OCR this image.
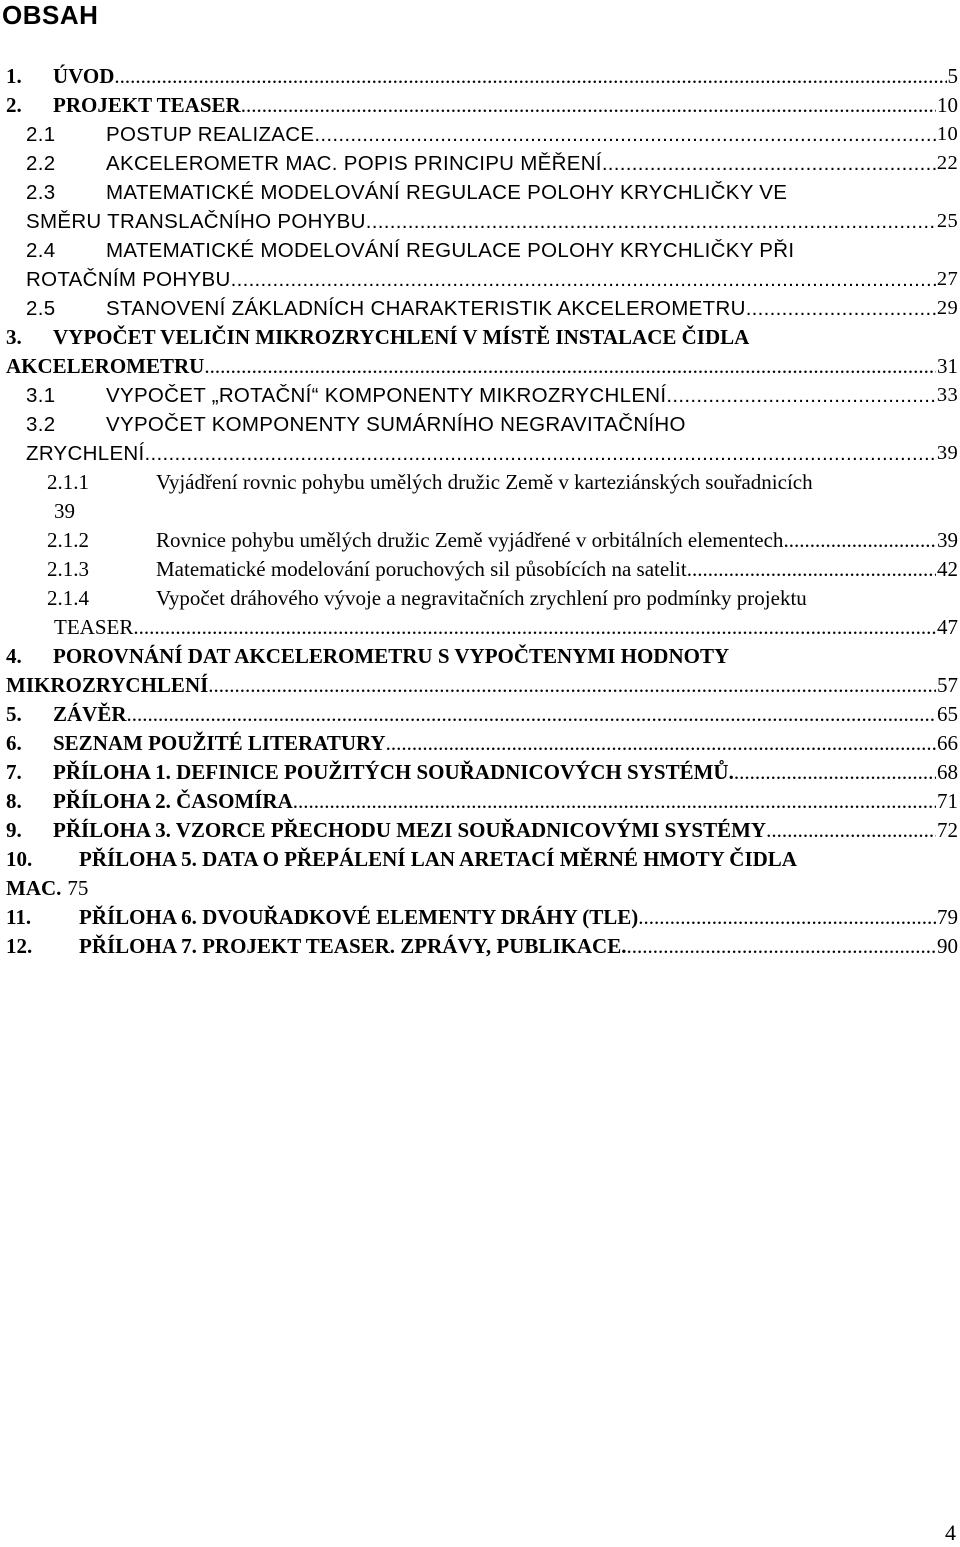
OBSAH
1. ÚVOD .....	5
2. PROJEKT TEASER .....	10
2.1 POSTUP REALIZACE .....	10
2.2 AKCELEROMETR MAC. POPIS PRINCIPU MĚŘENÍ .....	22
2.3 MATEMATICKÉ MODELOVÁNÍ REGULACE POLOHY KRYCHLIČKY VE
SMĚRU TRANSLAČNÍHO POHYBU .....	25
2.4 MATEMATICKÉ MODELOVÁNÍ REGULACE POLOHY KRYCHLIČKY PŘI
ROTAČNÍM POHYBU .....	27
2.5 STANOVENÍ ZÁKLADNÍCH CHARAKTERISTIK AKCELEROMETRU .....	29
3. VYPOČET VELIČIN MIKROZRYCHLENÍ V MÍSTĚ INSTALACE ČIDLA
AKCELEROMETRU .....	31
3.1 VYPOČET „ROTAČNÍ“ KOMPONENTY MIKROZRYCHLENÍ. .....	33
3.2 VYPOČET KOMPONENTY SUMÁRNÍHO NEGRAVITAČNÍHO
ZRYCHLENÍ. .....	39
2.1.1	Vyjádření rovnic pohybu umělých družic Země v karteziánských souřadnicích
39
2.1.2	Rovnice pohybu umělých družic Země vyjádřené v orbitálních elementech .....	39
2.1.3	Matematické modelování poruchových sil působících na satelit .....	42
2.1.4	Vypočet dráhového vývoje a negravitačních zrychlení pro podmínky projektu
TEASER. .....	47
4. POROVNÁNÍ DAT AKCELEROMETRU S VYPOČTENYMI HODNOTY
MIKROZRYCHLENÍ .....	57
5. ZÁVĚR .....	65
6. SEZNAM POUŽITÉ LITERATURY .....	66
7. PŘÍLOHA 1. DEFINICE POUŽITÝCH SOUŘADNICOVÝCH SYSTÉMŮ. .....	68
8. PŘÍLOHA 2. ČASOMÍRA .....	71
9. PŘÍLOHA 3. VZORCE PŘECHODU MEZI SOUŘADNICOVÝMI SYSTÉMY .....	72
10. PŘÍLOHA 5. DATA O PŘEPÁLENÍ LAN ARETACÍ MĚRNÉ HMOTY ČIDLA
MAC. 75
11. PŘÍLOHA 6. DVOUŘADKOVÉ ELEMENTY DRÁHY (TLE) .....	79
12. PŘÍLOHA 7. PROJEKT TEASER. ZPRÁVY, PUBLIKACE. .....	90
4
